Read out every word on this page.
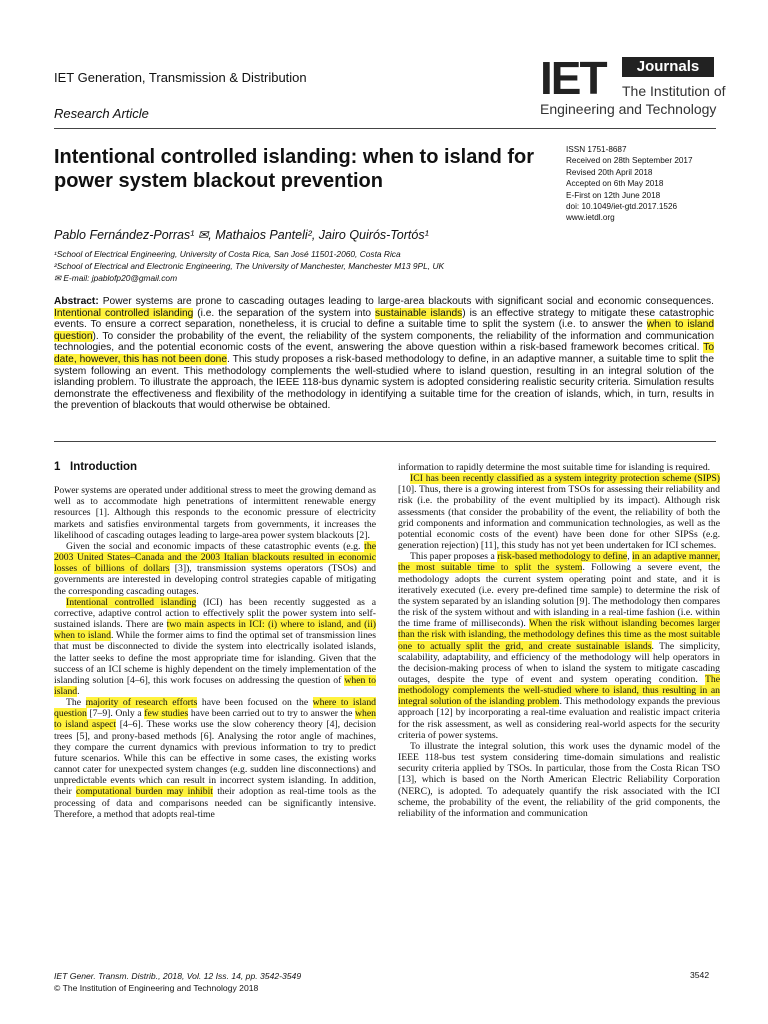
IET Generation, Transmission & Distribution
Research Article
IET	Journals
The Institution of
Engineering and Technology
Intentional controlled islanding: when to island for power system blackout prevention
ISSN 1751-8687
Received on 28th September 2017
Revised 20th April 2018
Accepted on 6th May 2018
E-First on 12th June 2018
doi: 10.1049/iet-gtd.2017.1526
www.ietdl.org
Pablo Fernández-Porras¹ ✉, Mathaios Panteli², Jairo Quirós-Tortós¹
¹School of Electrical Engineering, University of Costa Rica, San José 11501-2060, Costa Rica
²School of Electrical and Electronic Engineering, The University of Manchester, Manchester M13 9PL, UK
✉ E-mail: jpablofp20@gmail.com
Abstract: Power systems are prone to cascading outages leading to large-area blackouts with significant social and economic consequences. Intentional controlled islanding (i.e. the separation of the system into sustainable islands) is an effective strategy to mitigate these catastrophic events. To ensure a correct separation, nonetheless, it is crucial to define a suitable time to split the system (i.e. to answer the when to island question). To consider the probability of the event, the reliability of the system components, the reliability of the information and communication technologies, and the potential economic costs of the event, answering the above question within a risk-based framework becomes critical. To date, however, this has not been done. This study proposes a risk-based methodology to define, in an adaptive manner, a suitable time to split the system following an event. This methodology complements the well-studied where to island question, resulting in an integral solution of the islanding problem. To illustrate the approach, the IEEE 118-bus dynamic system is adopted considering realistic security criteria. Simulation results demonstrate the effectiveness and flexibility of the methodology in identifying a suitable time for the creation of islands, which, in turn, results in the prevention of blackouts that would otherwise be obtained.
1 Introduction

Power systems are operated under additional stress to meet the growing demand as well as to accommodate high penetrations of intermittent renewable energy resources [1]. Although this responds to the economic pressure of electricity markets and satisfies environmental targets from governments, it increases the likelihood of cascading outages leading to large-area power system blackouts [2].

Given the social and economic impacts of these catastrophic events (e.g. the 2003 United States–Canada and the 2003 Italian blackouts resulted in economic losses of billions of dollars [3]), transmission systems operators (TSOs) and governments are interested in developing control strategies capable of mitigating the corresponding cascading outages.

Intentional controlled islanding (ICI) has been recently suggested as a corrective, adaptive control action to effectively split the power system into self-sustained islands. There are two main aspects in ICI: (i) where to island, and (ii) when to island. While the former aims to find the optimal set of transmission lines that must be disconnected to divide the system into electrically isolated islands, the latter seeks to define the most appropriate time for islanding. Given that the success of an ICI scheme is highly dependent on the timely implementation of the islanding solution [4–6], this work focuses on addressing the question of when to island.

The majority of research efforts have been focused on the where to island question [7–9]. Only a few studies have been carried out to try to answer the when to island aspect [4–6]. These works use the slow coherency theory [4], decision trees [5], and prony-based methods [6]. Analysing the rotor angle of machines, they compare the current dynamics with previous information to try to predict future scenarios. While this can be effective in some cases, the existing works cannot cater for unexpected system changes (e.g. sudden line disconnections) and unpredictable events which can result in incorrect system islanding. In addition, their computational burden may inhibit their adoption as real-time tools as the processing of data and comparisons needed can be significantly intensive. Therefore, a method that adopts real-time

information to rapidly determine the most suitable time for islanding is required.

ICI has been recently classified as a system integrity protection scheme (SIPS) [10]. Thus, there is a growing interest from TSOs for assessing their reliability and risk (i.e. the probability of the event multiplied by its impact). Although risk assessments (that consider the probability of the event, the reliability of both the grid components and information and communication technologies, as well as the potential economic costs of the event) have been done for other SIPSs (e.g. generation rejection) [11], this study has not yet been undertaken for ICI schemes.

This paper proposes a risk-based methodology to define, in an adaptive manner, the most suitable time to split the system. Following a severe event, the methodology adopts the current system operating point and state, and it is iteratively executed (i.e. every pre-defined time sample) to determine the risk of the system separated by an islanding solution [9]. The methodology then compares the risk of the system without and with islanding in a real-time fashion (i.e. within the time frame of milliseconds). When the risk without islanding becomes larger than the risk with islanding, the methodology defines this time as the most suitable one to actually split the grid, and create sustainable islands. The simplicity, scalability, adaptability, and efficiency of the methodology will help operators in the decision-making process of when to island the system to mitigate cascading outages, despite the type of event and system operating condition. The methodology complements the well-studied where to island, thus resulting in an integral solution of the islanding problem. This methodology expands the previous approach [12] by incorporating a real-time evaluation and realistic impact criteria for the risk assessment, as well as considering real-world aspects for the security criteria of power systems.

To illustrate the integral solution, this work uses the dynamic model of the IEEE 118-bus test system considering time-domain simulations and realistic security criteria applied by TSOs. In particular, those from the Costa Rican TSO [13], which is based on the North American Electric Reliability Corporation (NERC), is adopted. To adequately quantify the risk associated with the ICI scheme, the probability of the event, the reliability of the grid components, the reliability of the information and communication

IET Gener. Transm. Distrib., 2018, Vol. 12 Iss. 14, pp. 3542-3549
© The Institution of Engineering and Technology 2018
3542
